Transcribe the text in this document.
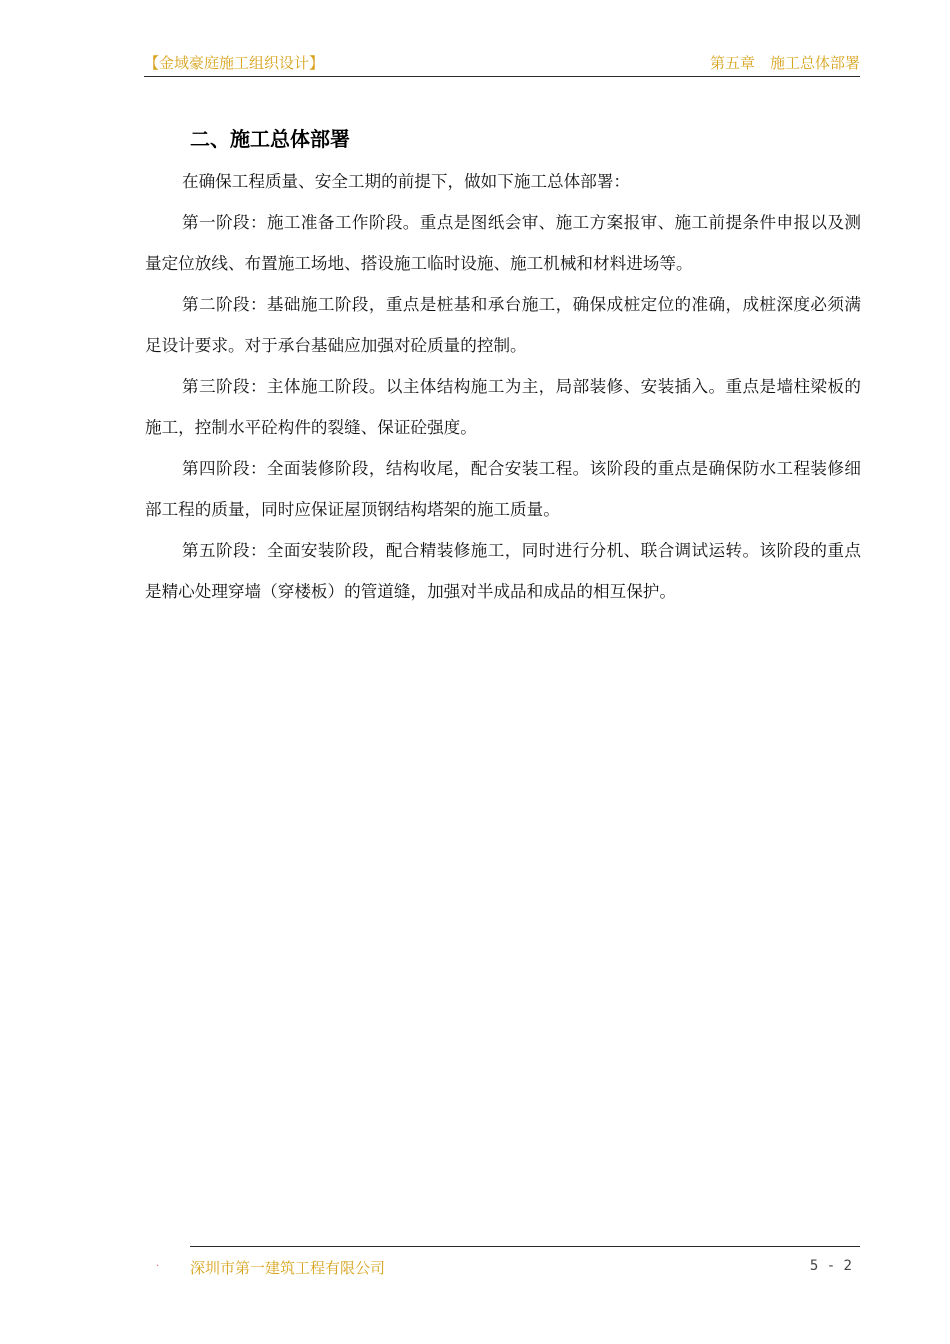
【金域豪庭施工组织设计】	第五章　施工总体部署
二、施工总体部署

在确保工程质量、安全工期的前提下，做如下施工总体部署：

第一阶段：施工准备工作阶段。重点是图纸会审、施工方案报审、施工前提条件申报以及测量定位放线、布置施工场地、搭设施工临时设施、施工机械和材料进场等。

第二阶段：基础施工阶段，重点是桩基和承台施工，确保成桩定位的准确，成桩深度必须满足设计要求。对于承台基础应加强对砼质量的控制。

第三阶段：主体施工阶段。以主体结构施工为主，局部装修、安装插入。重点是墙柱梁板的施工，控制水平砼构件的裂缝、保证砼强度。

第四阶段：全面装修阶段，结构收尾，配合安装工程。该阶段的重点是确保防水工程装修细部工程的质量，同时应保证屋顶钢结构塔架的施工质量。

第五阶段：全面安装阶段，配合精装修施工，同时进行分机、联合调试运转。该阶段的重点是精心处理穿墙（穿楼板）的管道缝，加强对半成品和成品的相互保护。

· 深圳市第一建筑工程有限公司	5 - 2
